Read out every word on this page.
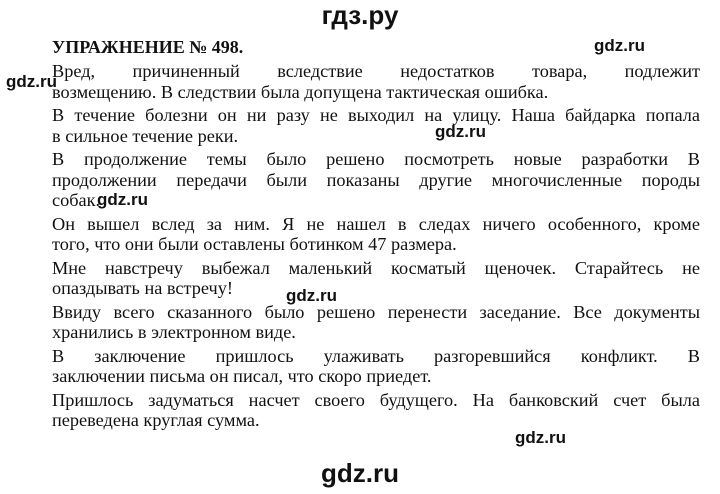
гдз.ру
gdz.ru
gdz.ru
gdz.ru
gdz.ru
gdz.ru
gdz.ru
УПРАЖНЕНИЕ № 498.
Вред, причиненный вследствие недостатков товара, подлежит
возмещению. В следствии была допущена тактическая ошибка.
В течение болезни он ни разу не выходил на улицу. Наша байдарка попала
в сильное течение реки.
В продолжение темы было решено посмотреть новые разработки В
продолжении передачи были показаны другие многочисленные породы
собак.
Он вышел вслед за ним. Я не нашел в следах ничего особенного, кроме
того, что они были оставлены ботинком 47 размера.
Мне навстречу выбежал маленький косматый щеночек. Старайтесь не
опаздывать на встречу!
Ввиду всего сказанного было решено перенести заседание. Все документы
хранились в электронном виде.
В заключение пришлось улаживать разгоревшийся конфликт. В
заключении письма он писал, что скоро приедет.
Пришлось задуматься насчет своего будущего. На банковский счет была
переведена круглая сумма.
gdz.ru
